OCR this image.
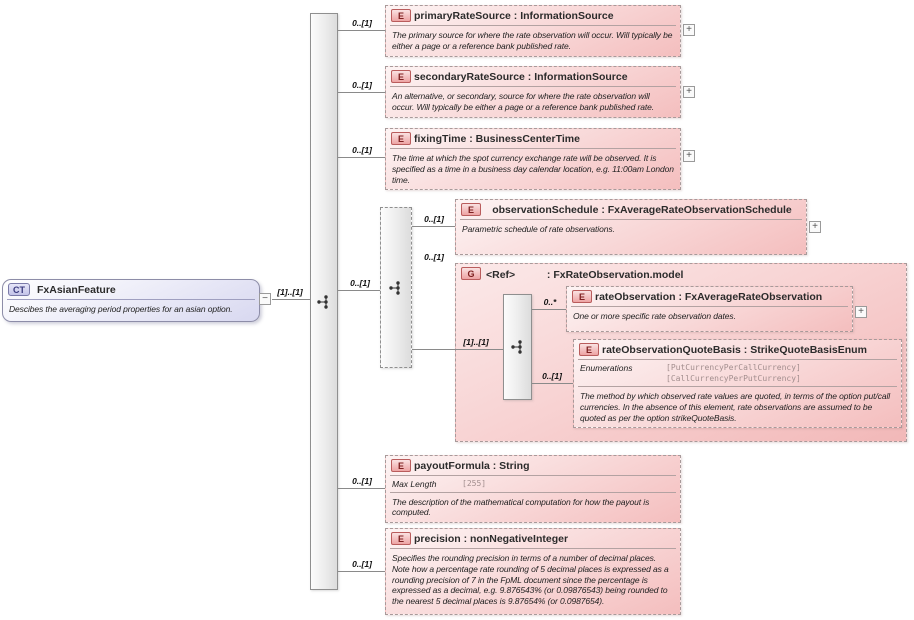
CT	FxAsianFeature
Descibes the averaging period properties for an asian option.
−
[1]..[1]
0..[1]
0..[1]
0..[1]
0..[1]
0..[1]
0..[1]
0..[1]
0..[1]
[1]..[1]
0..*
0..[1]
E primaryRateSource : InformationSource
The primary source for where the rate observation will occur. Will typically be either a page or a reference bank published rate.
+
E secondaryRateSource : InformationSource
An alternative, or secondary, source for where the rate observation will occur. Will typically be either a page or a reference bank published rate.
+
E fixingTime : BusinessCenterTime
The time at which the spot currency exchange rate will be observed. It is specified as a time in a business day calendar location, e.g. 11:00am London time.
+
E	observationSchedule : FxAverageRateObservationSchedule
Parametric schedule of rate observations.	+
G	<Ref>	: FxRateObservation.model
E rateObservation : FxAverageRateObservation
One or more specific rate observation dates.	+
E rateObservationQuoteBasis : StrikeQuoteBasisEnum
Enumerations	[PutCurrencyPerCallCurrency]
[CallCurrencyPerPutCurrency]
The method by which observed rate values are quoted, in terms of the option put/call currencies. In the absence of this element, rate observations are assumed to be quoted as per the option strikeQuoteBasis.
E payoutFormula : String
Max Length	[255]
The description of the mathematical computation for how the payout is computed.
E precision : nonNegativeInteger
Specifies the rounding precision in terms of a number of decimal places. Note how a percentage rate rounding of 5 decimal places is expressed as a rounding precision of 7 in the FpML document since the percentage is expressed as a decimal, e.g. 9.876543% (or 0.09876543) being rounded to the nearest 5 decimal places is 9.87654% (or 0.0987654).
